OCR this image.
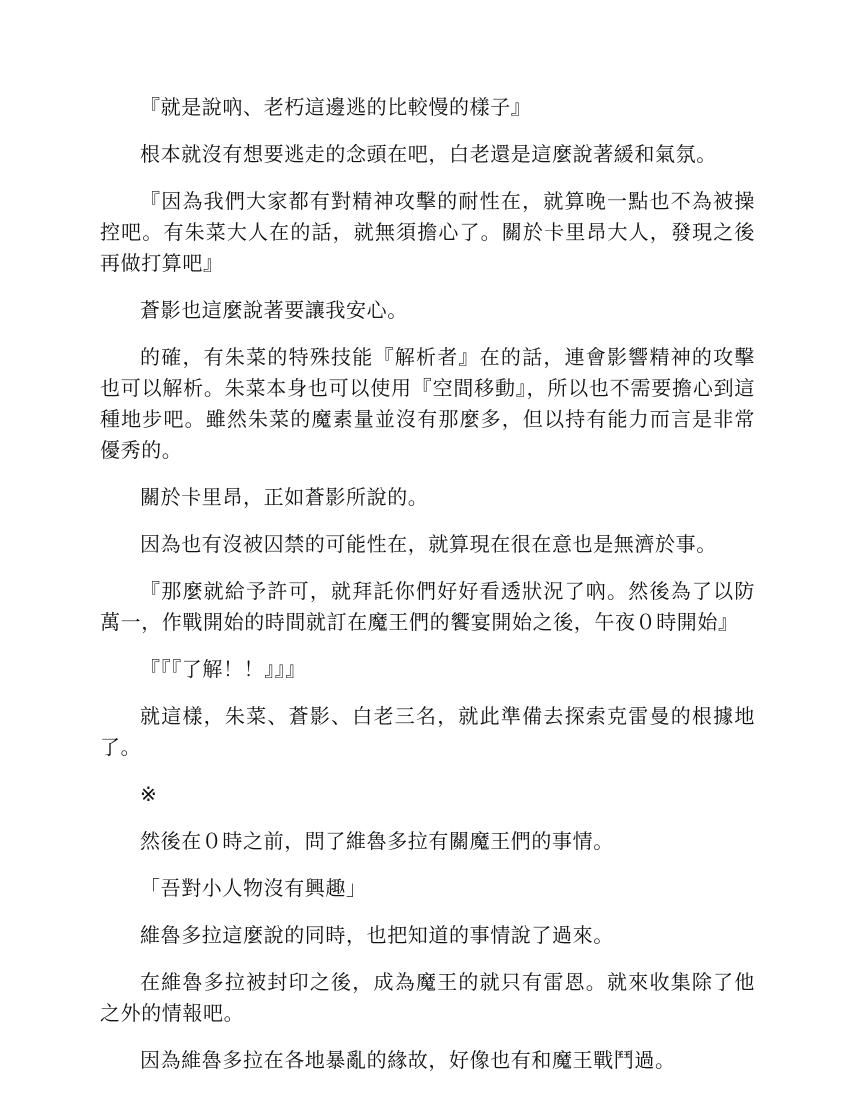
『就是說吶、老朽這邊逃的比較慢的樣子』

根本就沒有想要逃走的念頭在吧，白老還是這麼說著緩和氣氛。

『因為我們大家都有對精神攻擊的耐性在，就算晚一點也不為被操控吧。有朱菜大人在的話，就無須擔心了。關於卡里昂大人，發現之後再做打算吧』

蒼影也這麼說著要讓我安心。

的確，有朱菜的特殊技能『解析者』在的話，連會影響精神的攻擊也可以解析。朱菜本身也可以使用『空間移動』，所以也不需要擔心到這種地步吧。雖然朱菜的魔素量並沒有那麼多，但以持有能力而言是非常優秀的。

關於卡里昂，正如蒼影所說的。

因為也有沒被囚禁的可能性在，就算現在很在意也是無濟於事。

『那麼就給予許可，就拜託你們好好看透狀況了吶。然後為了以防萬一，作戰開始的時間就訂在魔王們的饗宴開始之後，午夜０時開始』

『『『了解！！』』』

就這樣，朱菜、蒼影、白老三名，就此準備去探索克雷曼的根據地了。

※

然後在０時之前，問了維魯多拉有關魔王們的事情。

「吾對小人物沒有興趣」

維魯多拉這麼說的同時，也把知道的事情說了過來。

在維魯多拉被封印之後，成為魔王的就只有雷恩。就來收集除了他之外的情報吧。

因為維魯多拉在各地暴亂的緣故，好像也有和魔王戰鬥過。
